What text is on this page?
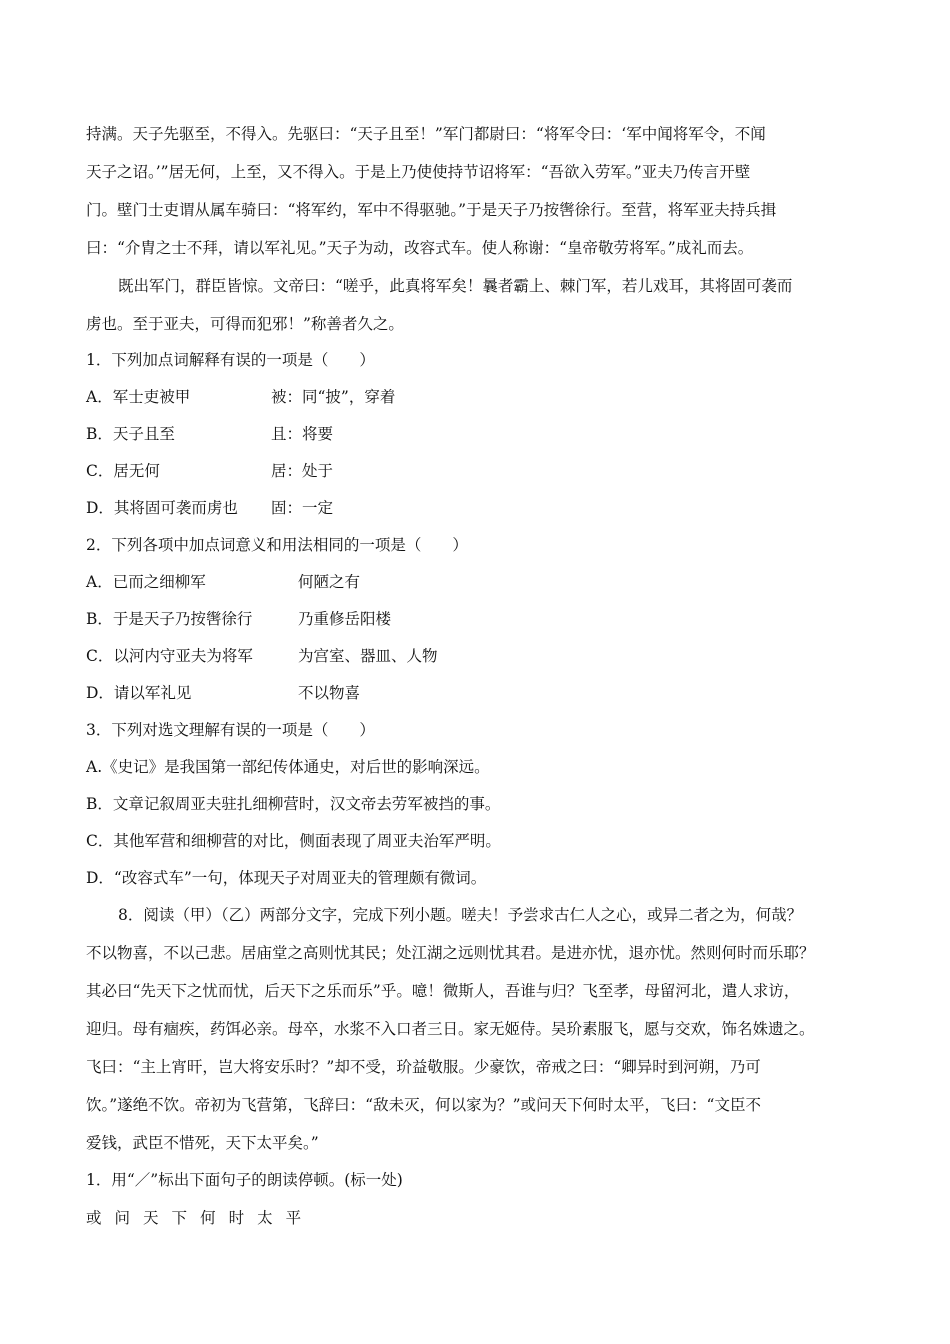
持满。天子先驱至，不得入。先驱曰：“天子且至！”军门都尉曰：“将军令曰：‘军中闻将军令，不闻
天子之诏。’”居无何，上至，又不得入。于是上乃使使持节诏将军：“吾欲入劳军。”亚夫乃传言开壁
门。壁门士吏谓从属车骑曰：“将军约，军中不得驱驰。”于是天子乃按辔徐行。至营，将军亚夫持兵揖
曰：“介胄之士不拜，请以军礼见。”天子为动，改容式车。使人称谢：“皇帝敬劳将军。”成礼而去。
既出军门，群臣皆惊。文帝曰：“嗟乎，此真将军矣！曩者霸上、棘门军，若儿戏耳，其将固可袭而
虏也。至于亚夫，可得而犯邪！”称善者久之。
1．下列加点词解释有误的一项是（　　）
A．军士吏被甲	被：同“披”，穿着
B．天子且至	且：将要
C．居无何	居：处于
D．其将固可袭而虏也 固：一定
2．下列各项中加点词意义和用法相同的一项是（　　）
A．已而之细柳军	何陋之有
B．于是天子乃按辔徐行	乃重修岳阳楼
C．以河内守亚夫为将军	为宫室、器皿、人物
D．请以军礼见	不以物喜
3．下列对选文理解有误的一项是（　　）
A.《史记》是我国第一部纪传体通史，对后世的影响深远。
B．文章记叙周亚夫驻扎细柳营时，汉文帝去劳军被挡的事。
C．其他军营和细柳营的对比，侧面表现了周亚夫治军严明。
D．“改容式车”一句，体现天子对周亚夫的管理颇有微词。
8．阅读（甲）（乙）两部分文字，完成下列小题。嗟夫！予尝求古仁人之心，或异二者之为，何哉？
不以物喜，不以己悲。居庙堂之高则忧其民；处江湖之远则忧其君。是进亦忧，退亦忧。然则何时而乐耶？
其必曰“先天下之忧而忧，后天下之乐而乐”乎。噫！微斯人，吾谁与归？飞至孝，母留河北，遣人求访，
迎归。母有痼疾，药饵必亲。母卒，水浆不入口者三日。家无姬侍。吴玠素服飞，愿与交欢，饰名姝遗之。
飞曰：“主上宵旰，岂大将安乐时？”却不受，玠益敬服。少豪饮，帝戒之曰：“卿异时到河朔，乃可
饮。”遂绝不饮。帝初为飞营第，飞辞曰：“敌未灭，何以家为？”或问天下何时太平，飞曰：“文臣不
爱钱，武臣不惜死，天下太平矣。”
1．用“／”标出下面句子的朗读停顿。(标一处)
或 问 天 下 何 时 太 平
